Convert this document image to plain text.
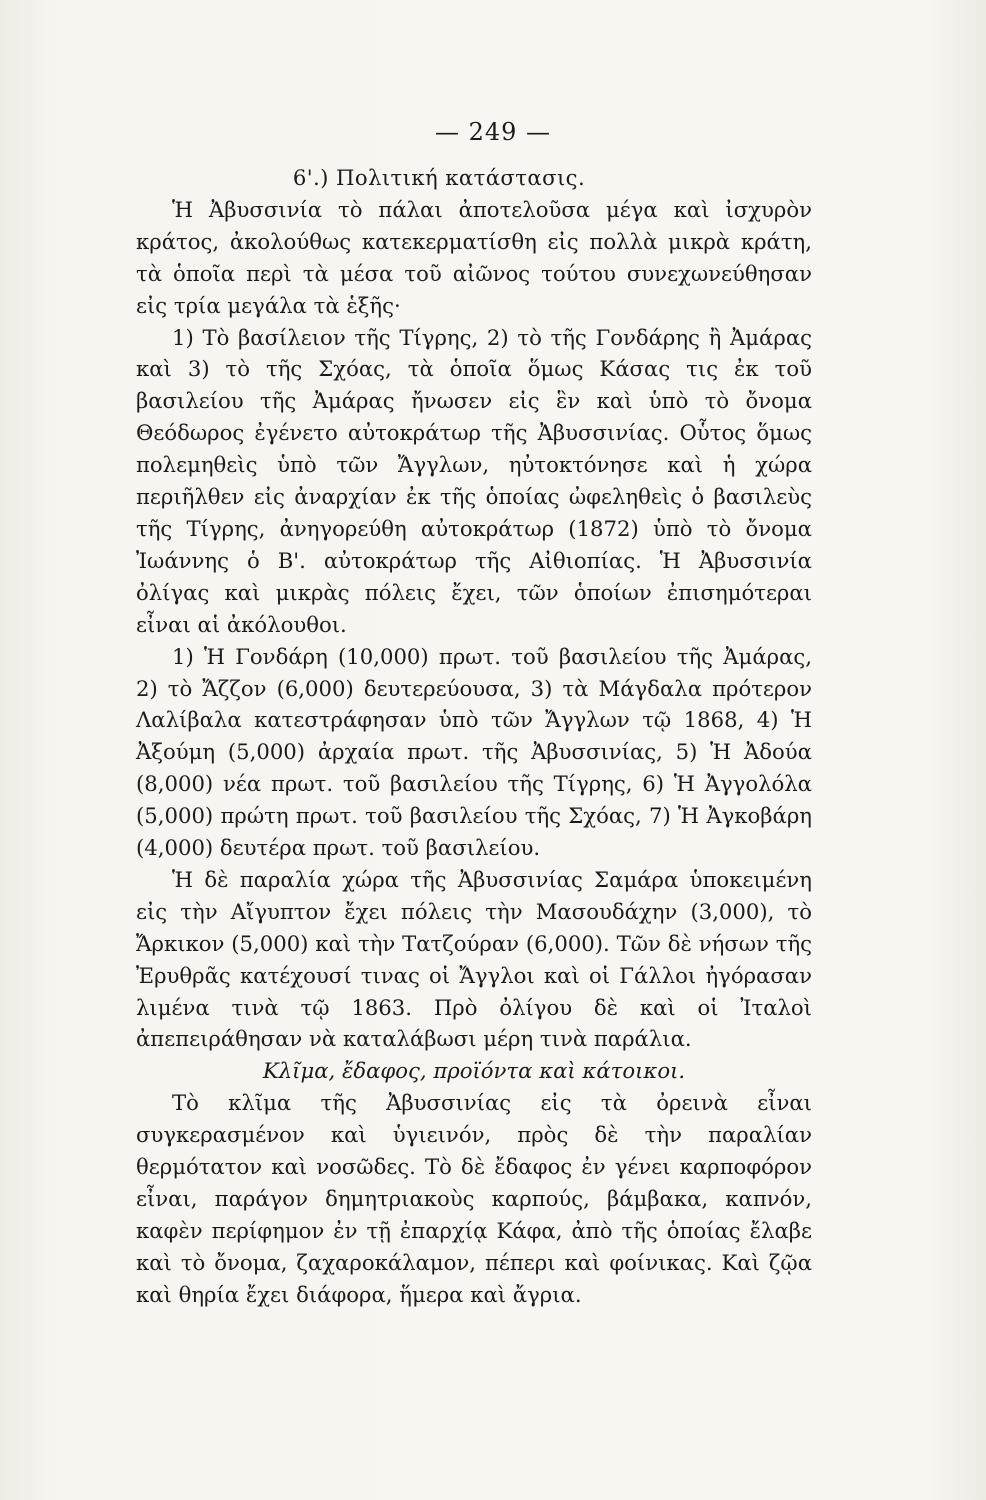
— 249 —

6'.) Πολιτική κατάστασις.

Ἡ Ἀβυσσινία τὸ πάλαι ἀποτελοῦσα μέγα καὶ ἰσχυρὸν κράτος, ἀκολούθως κατεκερματίσθη εἰς πολλὰ μικρὰ κράτη, τὰ ὁποῖα περὶ τὰ μέσα τοῦ αἰῶνος τούτου συνεχωνεύθησαν εἰς τρία μεγάλα τὰ ἑξῆς·

1) Τὸ βασίλειον τῆς Τίγρης, 2) τὸ τῆς Γονδάρης ἢ Ἀμάρας καὶ 3) τὸ τῆς Σχόας, τὰ ὁποῖα ὅμως Κάσας τις ἐκ τοῦ βασιλείου τῆς Ἀμάρας ἤνωσεν εἰς ἓν καὶ ὑπὸ τὸ ὄνομα Θεόδωρος ἐγένετο αὐτοκράτωρ τῆς Ἀβυσσινίας. Οὗτος ὅμως πολεμηθεὶς ὑπὸ τῶν Ἄγγλων, ηὐτοκτόνησε καὶ ἡ χώρα περιῆλθεν εἰς ἀναρχίαν ἐκ τῆς ὁποίας ὠφεληθεὶς ὁ βασιλεὺς τῆς Τίγρης, ἀνηγορεύθη αὐτοκράτωρ (1872) ὑπὸ τὸ ὄνομα Ἰωάννης ὁ Β'. αὐτοκράτωρ τῆς Αἰθιοπίας. Ἡ Ἀβυσσινία ὀλίγας καὶ μικρὰς πόλεις ἔχει, τῶν ὁποίων ἐπισημότεραι εἶναι αἱ ἀκόλουθοι.

1) Ἡ Γονδάρη (10,000) πρωτ. τοῦ βασιλείου τῆς Ἀμάρας, 2) τὸ Ἄζζον (6,000) δευτερεύουσα, 3) τὰ Μάγδαλα πρότερον Λαλίβαλα κατεστράφησαν ὑπὸ τῶν Ἄγγλων τῷ 1868, 4) Ἡ Ἀξούμη (5,000) ἀρχαία πρωτ. τῆς Ἀβυσσινίας, 5) Ἡ Ἀδούα (8,000) νέα πρωτ. τοῦ βασιλείου τῆς Τίγρης, 6) Ἡ Ἀγγολόλα (5,000) πρώτη πρωτ. τοῦ βασιλείου τῆς Σχόας, 7) Ἡ Ἀγκοβάρη (4,000) δευτέρα πρωτ. τοῦ βασιλείου.

Ἡ δὲ παραλία χώρα τῆς Ἀβυσσινίας Σαμάρα ὑποκειμένη εἰς τὴν Αἴγυπτον ἔχει πόλεις τὴν Μασουδάχην (3,000), τὸ Ἄρκικον (5,000) καὶ τὴν Τατζούραν (6,000). Τῶν δὲ νήσων τῆς Ἐρυθρᾶς κατέχουσί τινας οἱ Ἄγγλοι καὶ οἱ Γάλλοι ἠγόρασαν λιμένα τινὰ τῷ 1863. Πρὸ ὀλίγου δὲ καὶ οἱ Ἰταλοὶ ἀπεπειράθησαν νὰ καταλάβωσι μέρη τινὰ παράλια.

Κλῖμα, ἔδαφος, προϊόντα καὶ κάτοικοι.

Τὸ κλῖμα τῆς Ἀβυσσινίας εἰς τὰ ὀρεινὰ εἶναι συγκερασμένον καὶ ὑγιεινόν, πρὸς δὲ τὴν παραλίαν θερμότατον καὶ νοσῶδες. Τὸ δὲ ἔδαφος ἐν γένει καρποφόρον εἶναι, παράγον δημητριακοὺς καρπούς, βάμβακα, καπνόν, καφὲν περίφημον ἐν τῇ ἐπαρχίᾳ Κάφα, ἀπὸ τῆς ὁποίας ἔλαβε καὶ τὸ ὄνομα, ζαχαροκάλαμον, πέπερι καὶ φοίνικας. Καὶ ζῷα καὶ θηρία ἔχει διάφορα, ἥμερα καὶ ἄγρια.
